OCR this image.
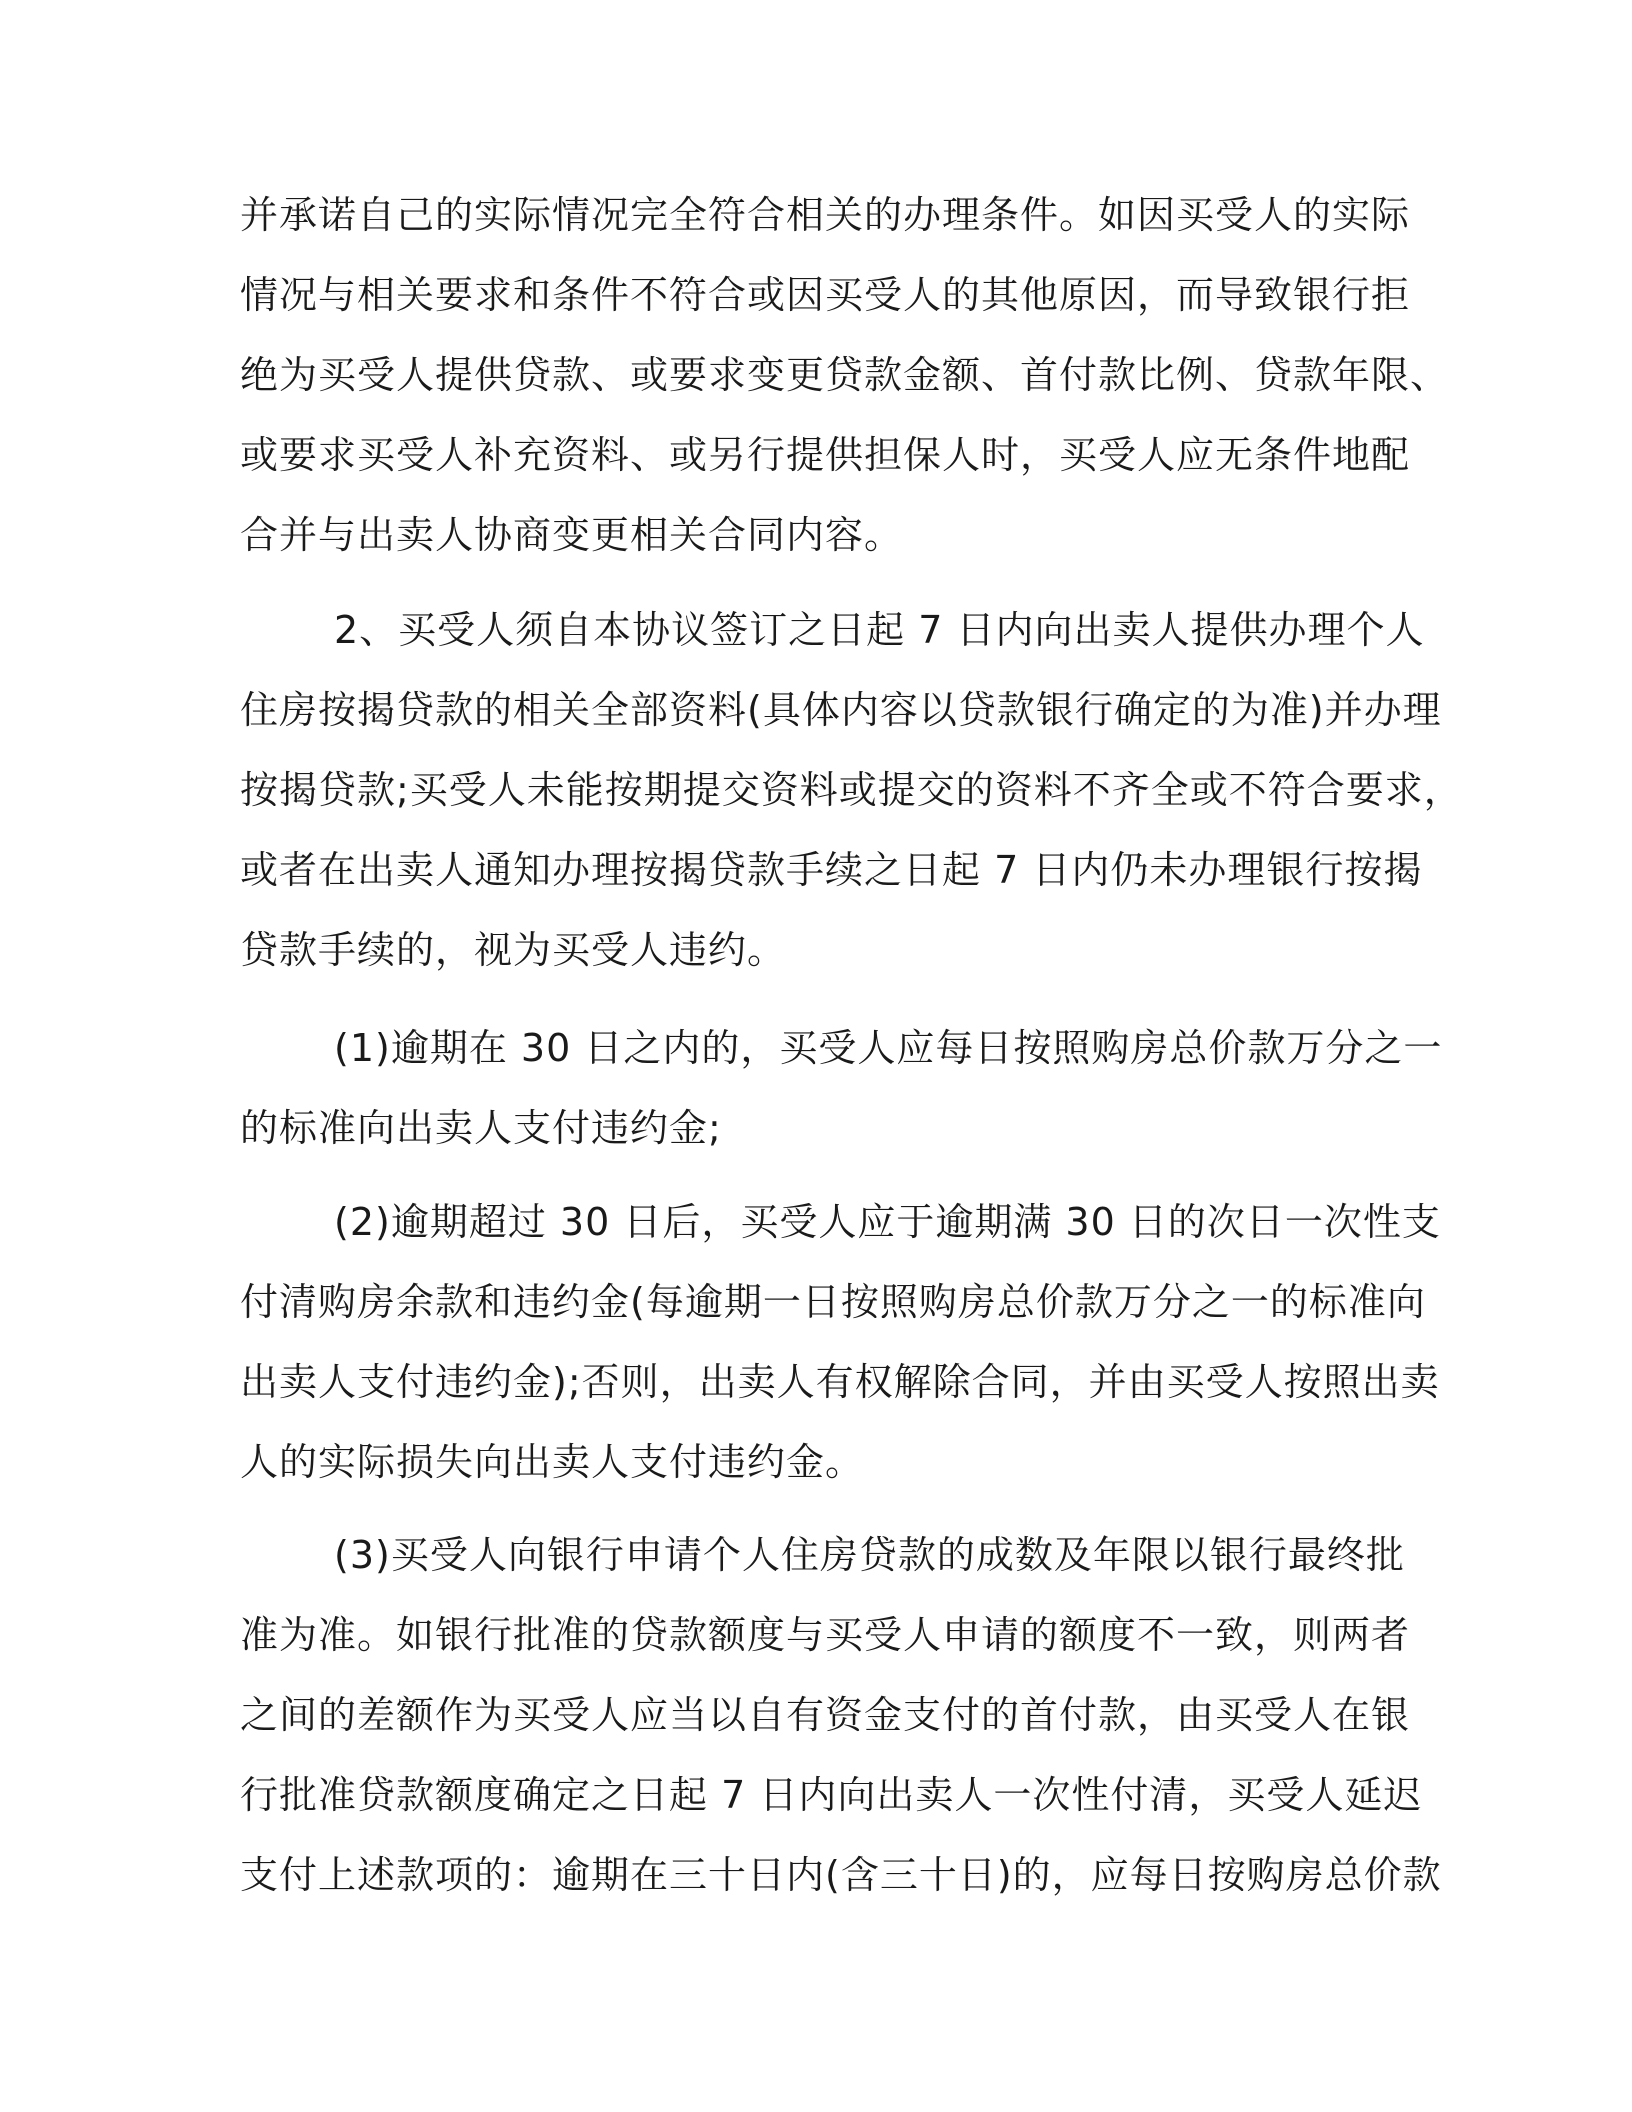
并承诺自己的实际情况完全符合相关的办理条件。如因买受人的实际
情况与相关要求和条件不符合或因买受人的其他原因，而导致银行拒
绝为买受人提供贷款、或要求变更贷款金额、首付款比例、贷款年限、
或要求买受人补充资料、或另行提供担保人时，买受人应无条件地配
合并与出卖人协商变更相关合同内容。
2、买受人须自本协议签订之日起 7 日内向出卖人提供办理个人
住房按揭贷款的相关全部资料(具体内容以贷款银行确定的为准)并办理
按揭贷款;买受人未能按期提交资料或提交的资料不齐全或不符合要求，
或者在出卖人通知办理按揭贷款手续之日起 7 日内仍未办理银行按揭
贷款手续的，视为买受人违约。
(1)逾期在 30 日之内的，买受人应每日按照购房总价款万分之一
的标准向出卖人支付违约金;
(2)逾期超过 30 日后，买受人应于逾期满 30 日的次日一次性支
付清购房余款和违约金(每逾期一日按照购房总价款万分之一的标准向
出卖人支付违约金);否则，出卖人有权解除合同，并由买受人按照出卖
人的实际损失向出卖人支付违约金。
(3)买受人向银行申请个人住房贷款的成数及年限以银行最终批
准为准。如银行批准的贷款额度与买受人申请的额度不一致，则两者
之间的差额作为买受人应当以自有资金支付的首付款，由买受人在银
行批准贷款额度确定之日起 7 日内向出卖人一次性付清，买受人延迟
支付上述款项的：逾期在三十日内(含三十日)的，应每日按购房总价款
